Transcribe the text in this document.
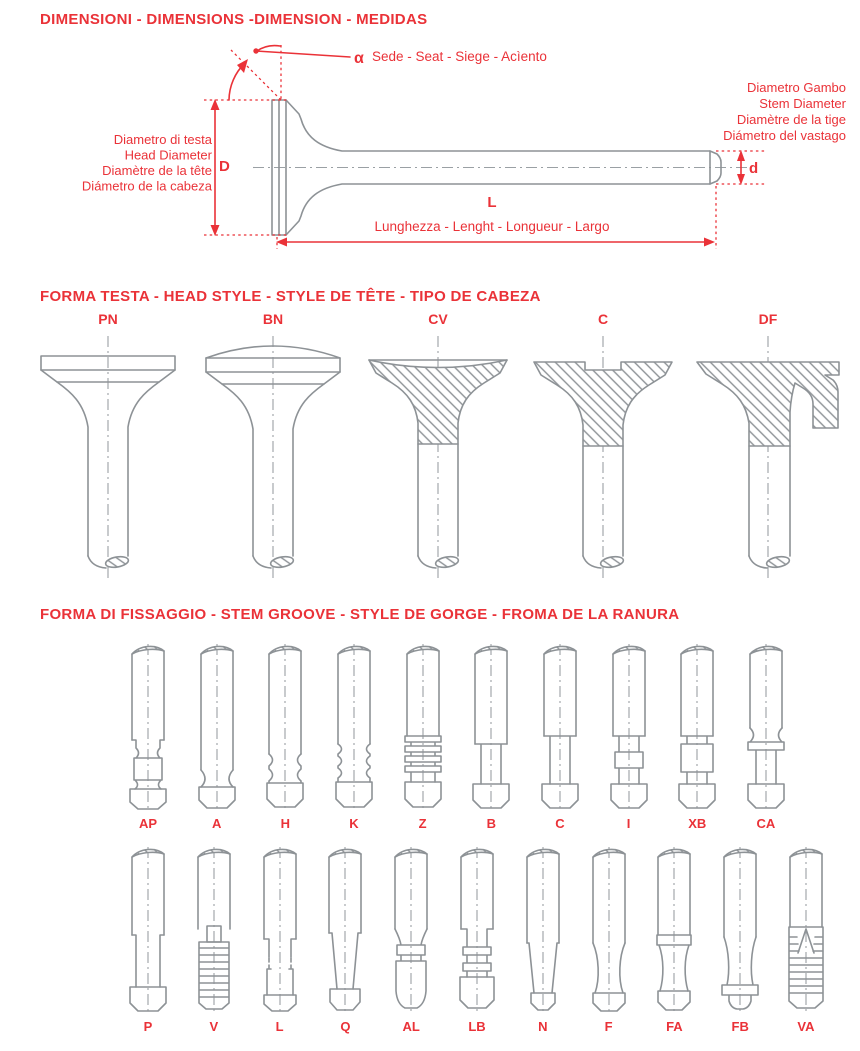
DIMENSIONI - DIMENSIONS -DIMENSION - MEDIDAS
α Sede - Seat - Siege - Acìento
D
Diametro di testa
Head Diameter
Diamètre de la tête
Diámetro de la cabeza
d
Diametro Gambo
Stem Diameter
Diamètre de la tige
Diámetro del vastago
L
Lunghezza - Lenght - Longueur - Largo
FORMA TESTA - HEAD STYLE - STYLE DE TÊTE - TIPO DE CABEZA
PN	BN	CV	C	DF
FORMA DI FISSAGGIO - STEM GROOVE - STYLE DE GORGE - FROMA DE LA RANURA
AP	A	H	K	Z	B	C	I	XB	CA
P	V	L	Q	AL	LB	N	F	FA	FB	VA
